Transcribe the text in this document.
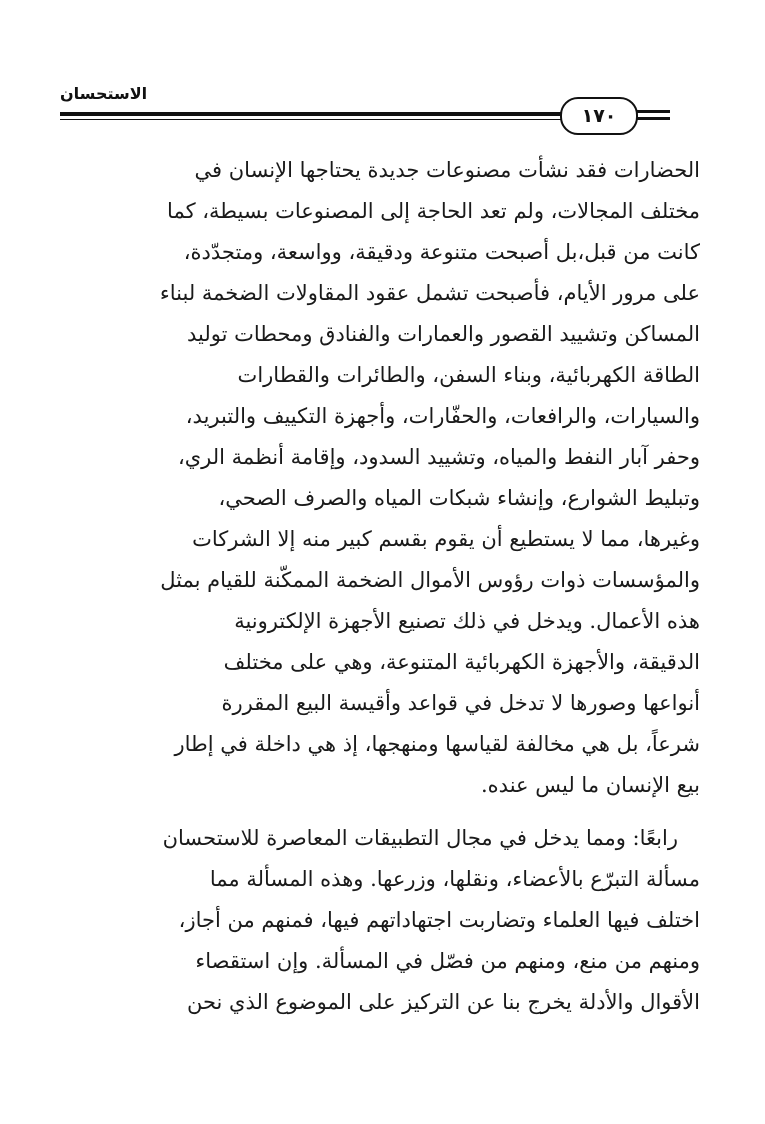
الاستحسان
١٧٠

الحضارات فقد نشأت مصنوعات جديدة يحتاجها الإنسان في

مختلف المجالات، ولم تعد الحاجة إلى المصنوعات بسيطة، كما

كانت من قبل،بل أصبحت متنوعة ودقيقة، وواسعة، ومتجدّدة،

على مرور الأيام، فأصبحت تشمل عقود المقاولات الضخمة لبناء

المساكن وتشييد القصور والعمارات والفنادق ومحطات توليد

الطاقة الكهربائية، وبناء السفن، والطائرات والقطارات

والسيارات، والرافعات، والحفّارات، وأجهزة التكييف والتبريد،

وحفر آبار النفط والمياه، وتشييد السدود، وإقامة أنظمة الري،

وتبليط الشوارع، وإنشاء شبكات المياه والصرف الصحي،

وغيرها، مما لا يستطيع أن يقوم بقسم كبير منه إلا الشركات

والمؤسسات ذوات رؤوس الأموال الضخمة الممكّنة للقيام بمثل

هذه الأعمال. ويدخل في ذلك تصنيع الأجهزة الإلكترونية

الدقيقة، والأجهزة الكهربائية المتنوعة، وهي على مختلف

أنواعها وصورها لا تدخل في قواعد وأقيسة البيع المقررة

شرعاً، بل هي مخالفة لقياسها ومنهجها، إذ هي داخلة في إطار

بيع الإنسان ما ليس عنده.

رابعًا: ومما يدخل في مجال التطبيقات المعاصرة للاستحسان

مسألة التبرّع بالأعضاء، ونقلها، وزرعها. وهذه المسألة مما

اختلف فيها العلماء وتضاربت اجتهاداتهم فيها، فمنهم من أجاز،

ومنهم من منع، ومنهم من فصّل في المسألة. وإن استقصاء

الأقوال والأدلة يخرج بنا عن التركيز على الموضوع الذي نحن
